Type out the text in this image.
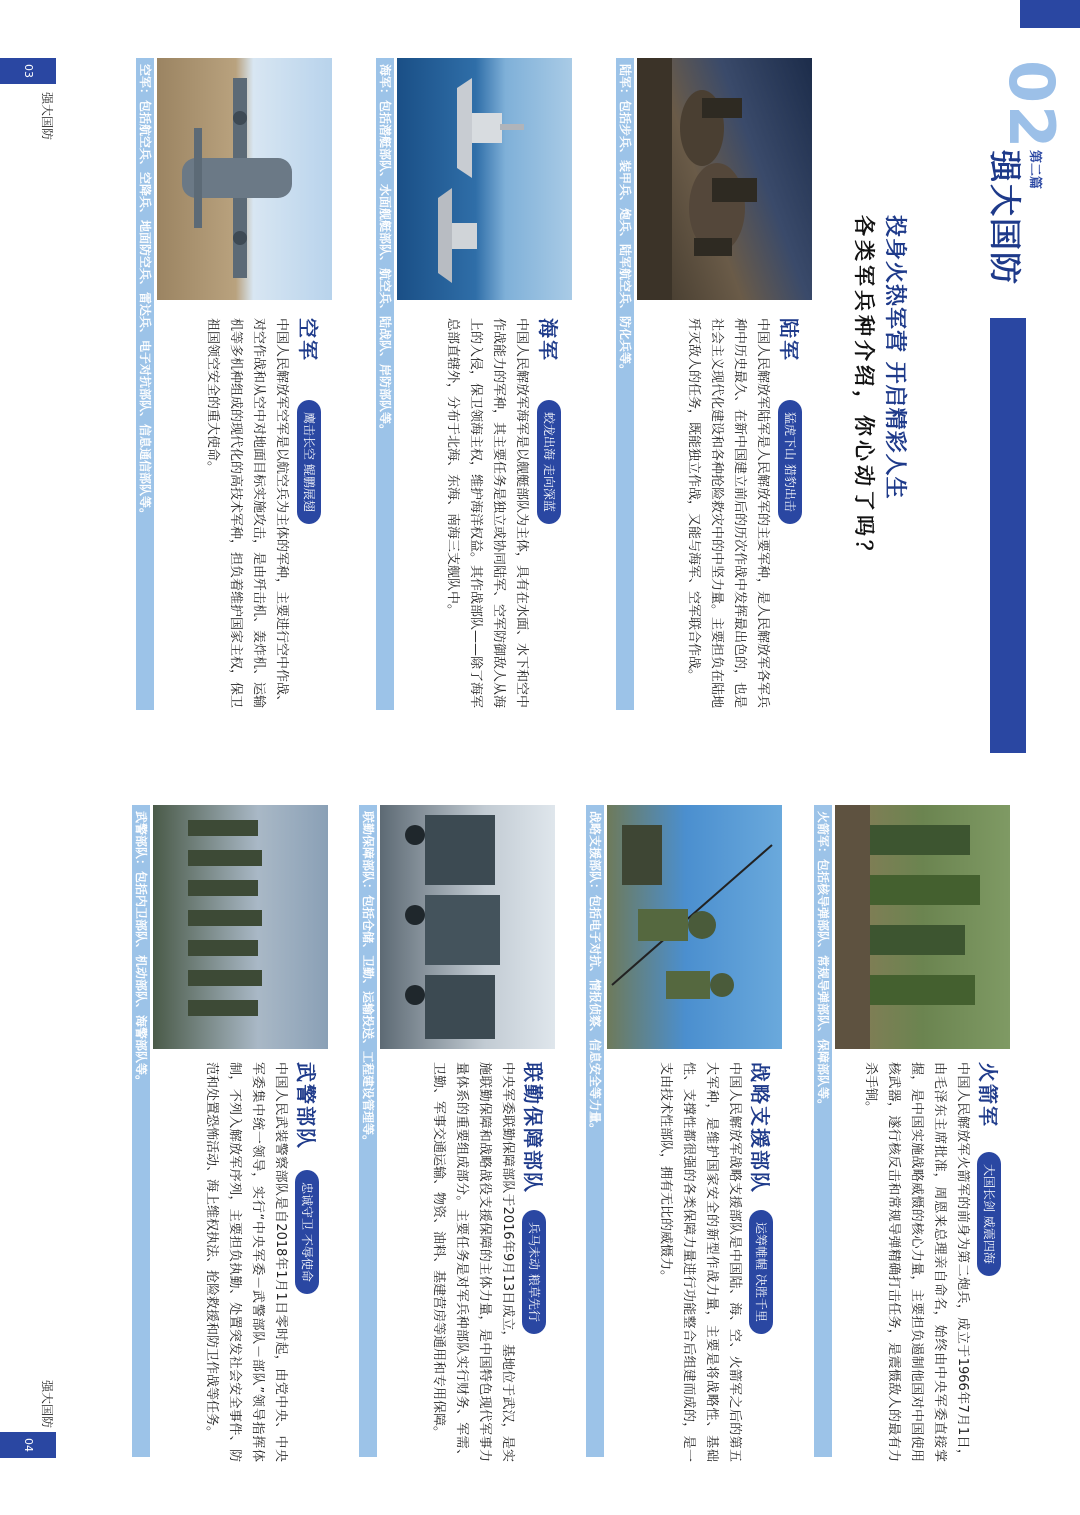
02
第二篇
强大国防
投身火热军营 开启精彩人生
各类军兵种介绍，你心动了吗？
陆军：包括步兵、装甲兵、炮兵、陆军航空兵、防化兵等。	陆军
猛虎下山 猎豹出击
中国人民解放军陆军是人民解放军的主要军种，是人民解放军各军兵种中历史最久、在新中国建立前后的历次作战中发挥最出色的，也是社会主义现代化建设和各种抢险救灾中的中坚力量。主要担负在陆地歼灭敌人的任务，既能独立作战，又能与海军、空军联合作战。
海军：包括潜艇部队、水面舰艇部队、航空兵、陆战队、岸防部队等。	海军
蛟龙出海 走向深蓝
中国人民解放军海军是以舰艇部队为主体，具有在水面、水下和空中作战能力的军种，其主要任务是独立或协同陆军、空军防御敌人从海上的入侵，保卫领海主权，维护海洋权益。其作战部队——除了海军总部直辖外，分布于北海、东海、南海三支舰队中。
空军：包括航空兵、空降兵、地面防空兵、雷达兵、电子对抗部队、信息通信部队等。	空军
鹰击长空 鲲鹏展翅
中国人民解放军空军是以航空兵为主体的军种，主要进行空中作战、对空作战和从空中对地面目标实施攻击，是由歼击机、轰炸机、运输机等多机种组成的现代化的高技术军种，担负着维护国家主权，保卫祖国领空安全的重大使命。
火箭军：包括核导弹部队、常规导弹部队、保障部队等。	火箭军
大国长剑 威震四海
中国人民解放军火箭军的前身为第二炮兵，成立于1966年7月1日，由毛泽东主席批准，周恩来总理亲自命名，始终由中央军委直接掌握，是中国实施战略威慑的核心力量，主要担负遏制他国对中国使用核武器，遂行核反击和常规导弹精确打击任务，是震慑敌人的最有力杀手锏。
战略支援部队：包括电子对抗、情报侦察、信息安全等力量。	战略支援部队
运筹帷幄 决胜千里
中国人民解放军战略支援部队是中国陆、海、空、火箭军之后的第五大军种，是维护国家安全的新型作战力量，主要是将战略性、基础性、支撑性都很强的各类保障力量进行功能整合后组建而成的，是一支由技术性部队，拥有无比的威慑力。
联勤保障部队：包括仓储、卫勤、运输投送、工程建设管理等。	联勤保障部队
兵马未动 粮草先行
中央军委联勤保障部队于2016年9月13日成立，基地位于武汉，是实施联勤保障和战略战役支援保障的主体力量，是中国特色现代军事力量体系的重要组成部分。主要任务是对军兵种部队实行财务、军需、卫勤、军事交通运输、物资、油料、基建营房等通用和专用保障。
武警部队：包括内卫部队、机动部队、海警部队等。
武警部队
忠诚守卫 不辱使命
中国人民武装警察部队是自2018年1月1日零时起，由党中央、中央军委集中统一领导，实行“中央军委－武警部队－部队”领导指挥体制，不列入解放军序列，主要担负执勤、处置突发社会安全事件、防范和处置恐怖活动、海上维权执法、抢险救援和防卫作战等任务。
03
强大国防
强大国防
04
